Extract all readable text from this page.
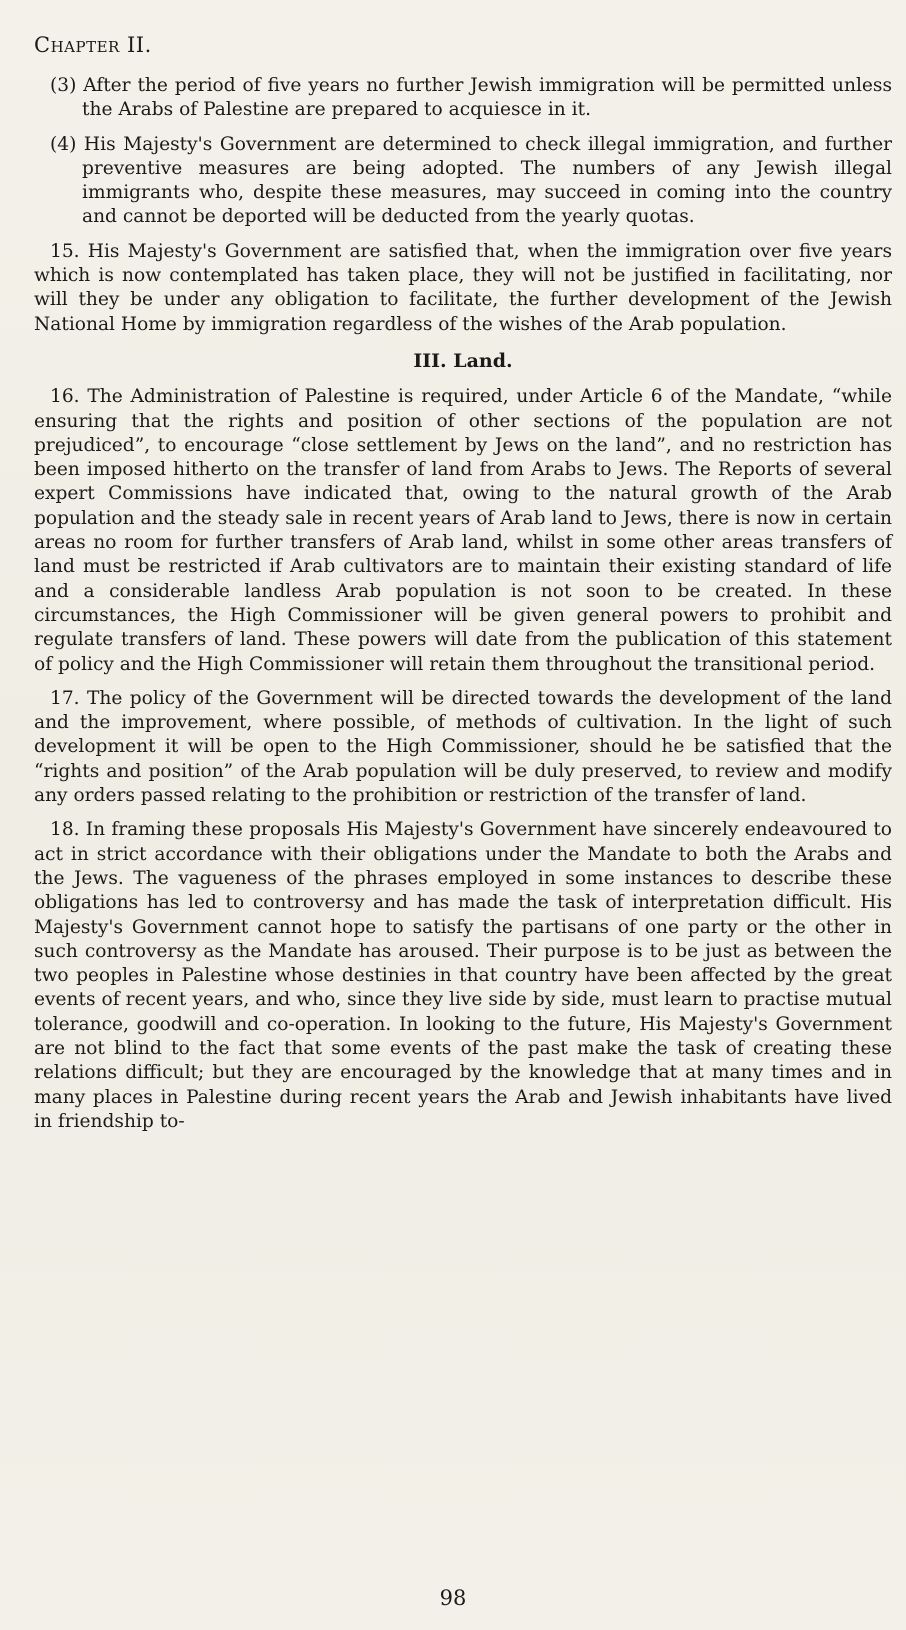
Chapter II.

(3) After the period of five years no further Jewish immigration will be permitted unless the Arabs of Palestine are prepared to acquiesce in it.

(4) His Majesty's Government are determined to check illegal immigration, and further preventive measures are being adopted. The numbers of any Jewish illegal immigrants who, despite these measures, may succeed in coming into the country and cannot be deported will be deducted from the yearly quotas.

15. His Majesty's Government are satisfied that, when the immigration over five years which is now contemplated has taken place, they will not be justified in facilitating, nor will they be under any obligation to facilitate, the further development of the Jewish National Home by immigration regardless of the wishes of the Arab population.

III. Land.

16. The Administration of Palestine is required, under Article 6 of the Mandate, “while ensuring that the rights and position of other sections of the population are not prejudiced”, to encourage “close settlement by Jews on the land”, and no restriction has been imposed hitherto on the transfer of land from Arabs to Jews. The Reports of several expert Commissions have indicated that, owing to the natural growth of the Arab population and the steady sale in recent years of Arab land to Jews, there is now in certain areas no room for further transfers of Arab land, whilst in some other areas transfers of land must be restricted if Arab cultivators are to maintain their existing standard of life and a considerable landless Arab population is not soon to be created. In these circumstances, the High Commissioner will be given general powers to prohibit and regulate transfers of land. These powers will date from the publication of this statement of policy and the High Commissioner will retain them throughout the transitional period.

17. The policy of the Government will be directed towards the development of the land and the improvement, where possible, of methods of cultivation. In the light of such development it will be open to the High Commissioner, should he be satisfied that the “rights and position” of the Arab population will be duly preserved, to review and modify any orders passed relating to the prohibition or restriction of the transfer of land.

18. In framing these proposals His Majesty's Government have sincerely endeavoured to act in strict accordance with their obligations under the Mandate to both the Arabs and the Jews. The vagueness of the phrases employed in some instances to describe these obligations has led to controversy and has made the task of interpretation difficult. His Majesty's Government cannot hope to satisfy the partisans of one party or the other in such controversy as the Mandate has aroused. Their purpose is to be just as between the two peoples in Palestine whose destinies in that country have been affected by the great events of recent years, and who, since they live side by side, must learn to practise mutual tolerance, goodwill and co-operation. In looking to the future, His Majesty's Government are not blind to the fact that some events of the past make the task of creating these relations difficult; but they are encouraged by the knowledge that at many times and in many places in Palestine during recent years the Arab and Jewish inhabitants have lived in friendship to-

98
